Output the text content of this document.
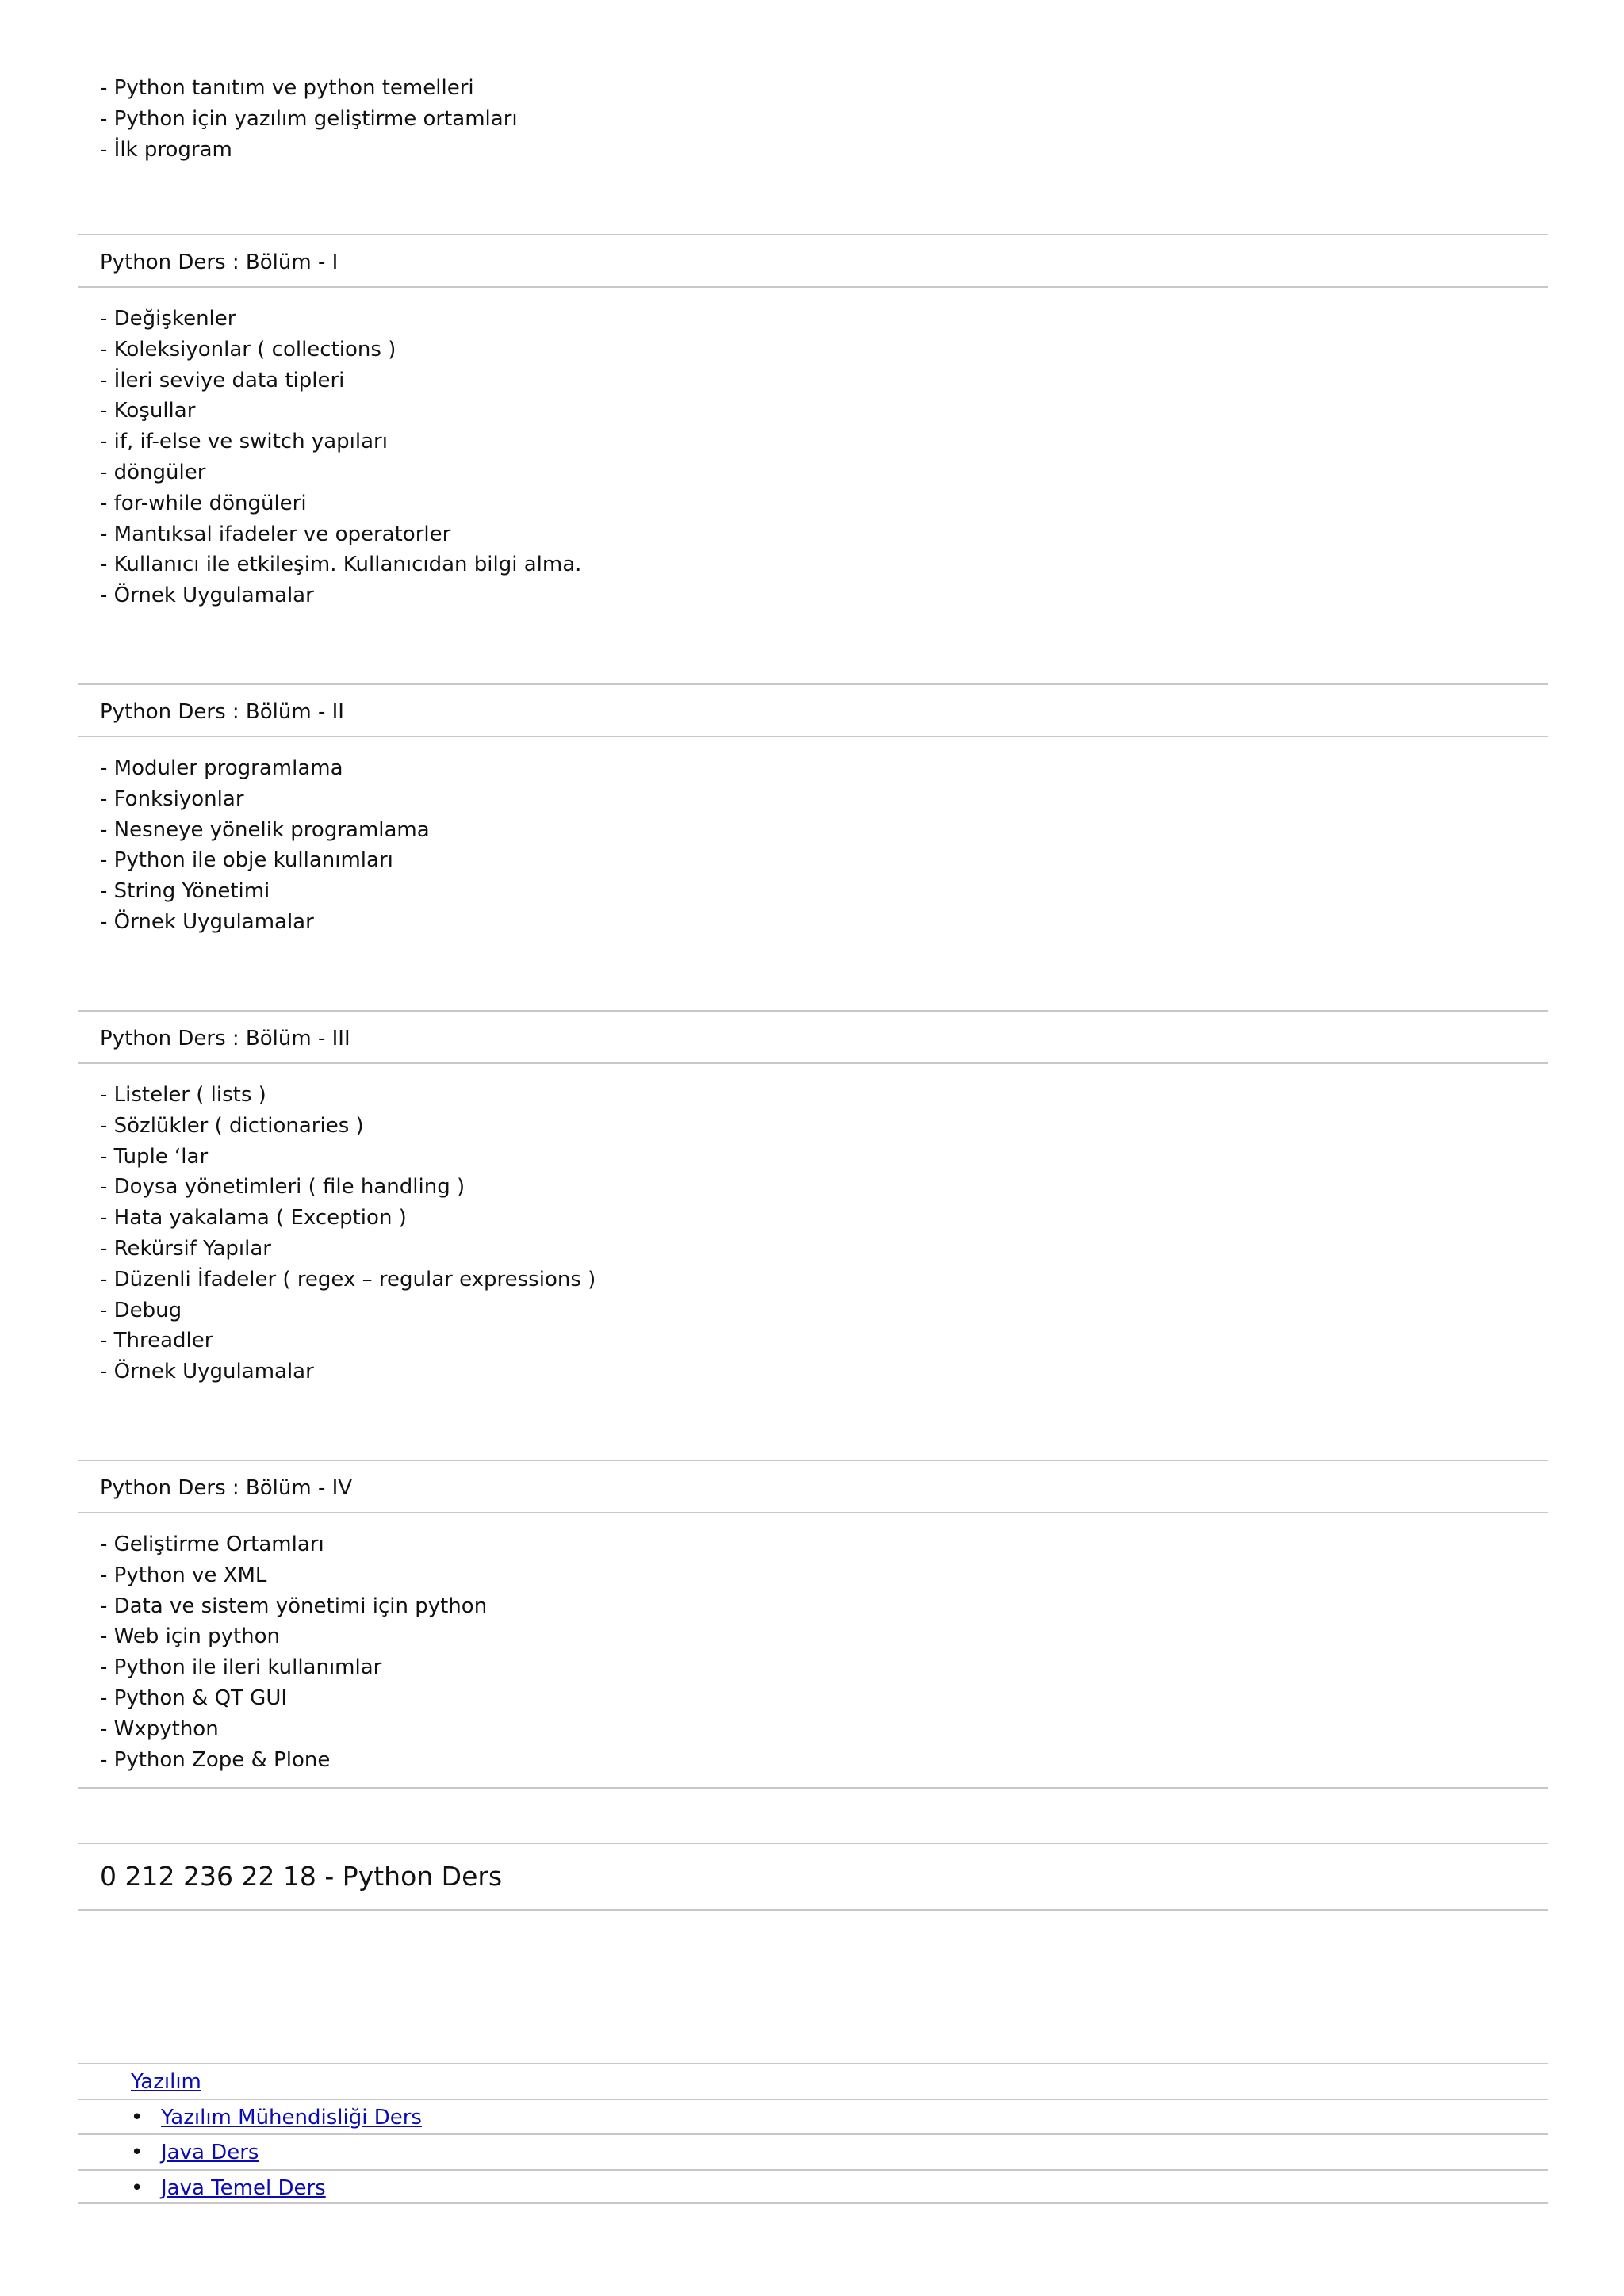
- Python tanıtım ve python temelleri
- Python için yazılım geliştirme ortamları
- İlk program
Python Ders : Bölüm - I
- Değişkenler
- Koleksiyonlar ( collections )
- İleri seviye data tipleri
- Koşullar
- if, if-else ve switch yapıları
- döngüler
- for-while döngüleri
- Mantıksal ifadeler ve operatorler
- Kullanıcı ile etkileşim. Kullanıcıdan bilgi alma.
- Örnek Uygulamalar
Python Ders : Bölüm - II
- Moduler programlama
- Fonksiyonlar
- Nesneye yönelik programlama
- Python ile obje kullanımları
- String Yönetimi
- Örnek Uygulamalar
Python Ders : Bölüm - III
- Listeler ( lists )
- Sözlükler ( dictionaries )
- Tuple ‘lar
- Doysa yönetimleri ( file handling )
- Hata yakalama ( Exception )
- Rekürsif Yapılar
- Düzenli İfadeler ( regex – regular expressions )
- Debug
- Threadler
- Örnek Uygulamalar
Python Ders : Bölüm - IV
- Geliştirme Ortamları
- Python ve XML
- Data ve sistem yönetimi için python
- Web için python
- Python ile ileri kullanımlar
- Python & QT GUI
- Wxpython
- Python Zope & Plone
0 212 236 22 18 - Python Ders
Yazılım
• Yazılım Mühendisliği Ders
• Java Ders
• Java Temel Ders
